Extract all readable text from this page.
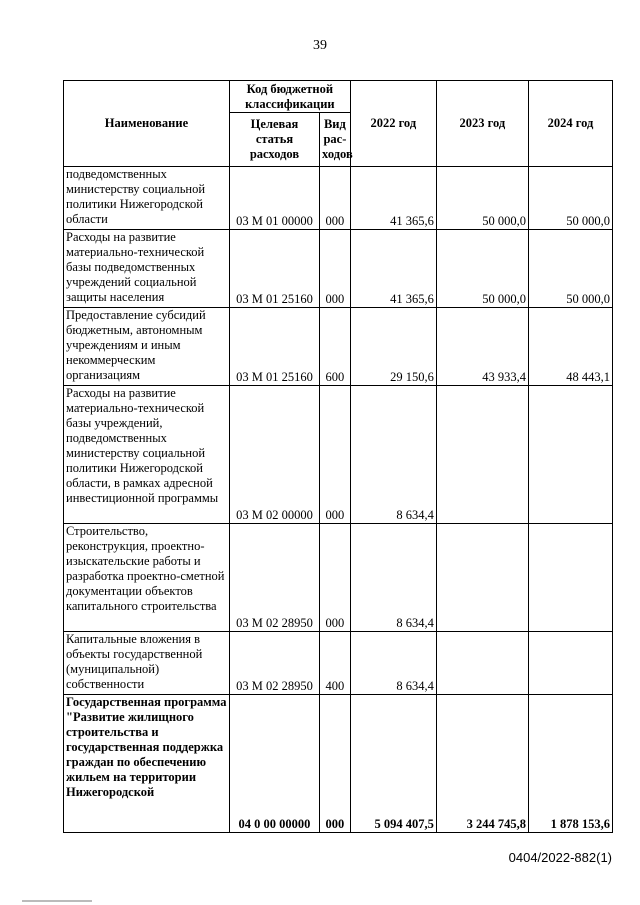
39
Наименование	Код бюджетной классификации		2022 год	2023 год	2024 год
	Целевая статья расходов	Вид рас-ходов			
подведомственных министерству социальной политики Нижегородской области	03 М 01 00000	000	41 365,6	50 000,0	50 000,0
Расходы на развитие материально-технической базы подведомственных учреждений социальной защиты населения	03 М 01 25160	000	41 365,6	50 000,0	50 000,0
Предоставление субсидий бюджетным, автономным учреждениям и иным некоммерческим организациям	03 М 01 25160	600	29 150,6	43 933,4	48 443,1
Расходы на развитие материально-технической базы учреждений, подведомственных министерству социальной политики Нижегородской области, в рамках адресной инвестиционной программы	03 М 02 00000	000	8 634,4		
Строительство, реконструкция, проектно-изыскательские работы и разработка проектно-сметной документации объектов капитального строительства	03 М 02 28950	000	8 634,4		
Капитальные вложения в объекты государственной (муниципальной) собственности	03 М 02 28950	400	8 634,4		
Государственная программа "Развитие жилищного строительства и государственная поддержка граждан по обеспечению жильем на территории Нижегородской	04 0 00 00000	000	5 094 407,5	3 244 745,8	1 878 153,6
0404/2022-882(1)
